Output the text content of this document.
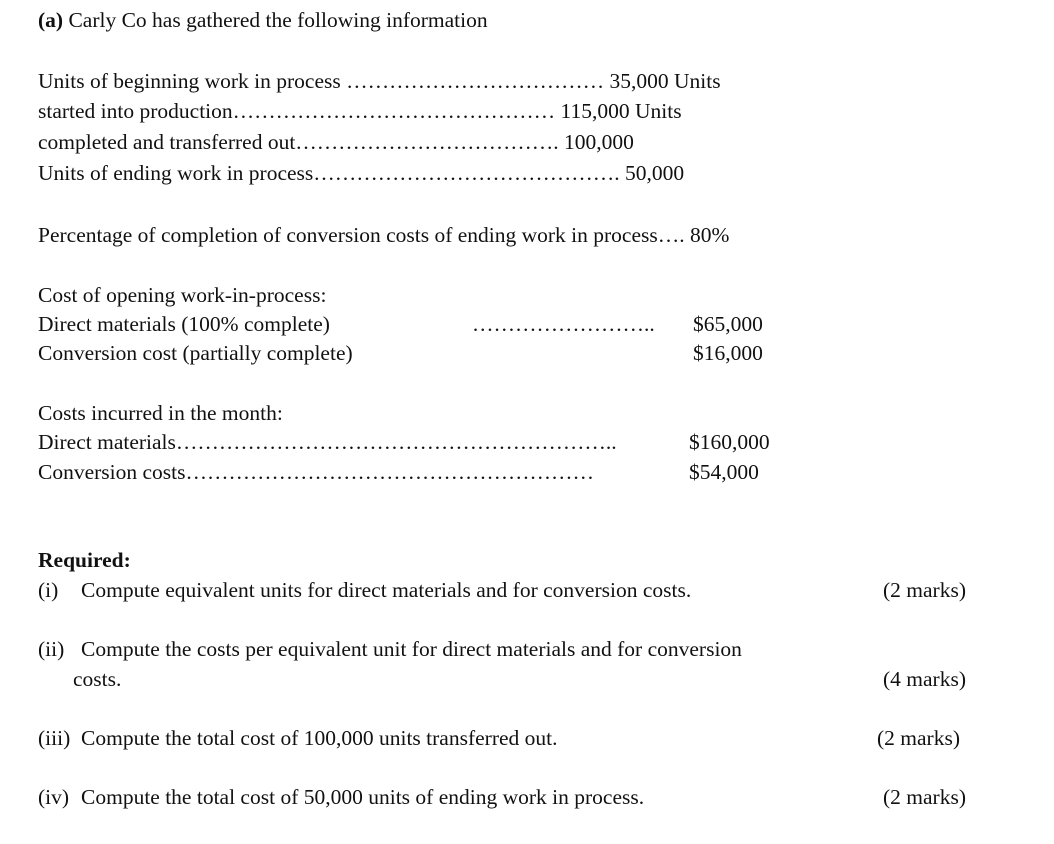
(a) Carly Co has gathered the following information
Units of beginning work in process ……………………………… 35,000 Units
started into production……………………………………… 115,000 Units
completed and transferred out………………………………. 100,000
Units of ending work in process……………………………………. 50,000
Percentage of completion of conversion costs of ending work in process…. 80%
Cost of opening work-in-process:
Direct materials (100% complete)	…………………….. $65,000
Conversion cost (partially complete)	$16,000
Costs incurred in the month:
Direct materials……………………………………………………..	$160,000
Conversion costs…………………………………………………	$54,000
Required:
(i) Compute equivalent units for direct materials and for conversion costs.	(2 marks)
(ii) Compute the costs per equivalent unit for direct materials and for conversion
costs.	(4 marks)
(iii) Compute the total cost of 100,000 units transferred out.	(2 marks)
(iv) Compute the total cost of 50,000 units of ending work in process.	(2 marks)
